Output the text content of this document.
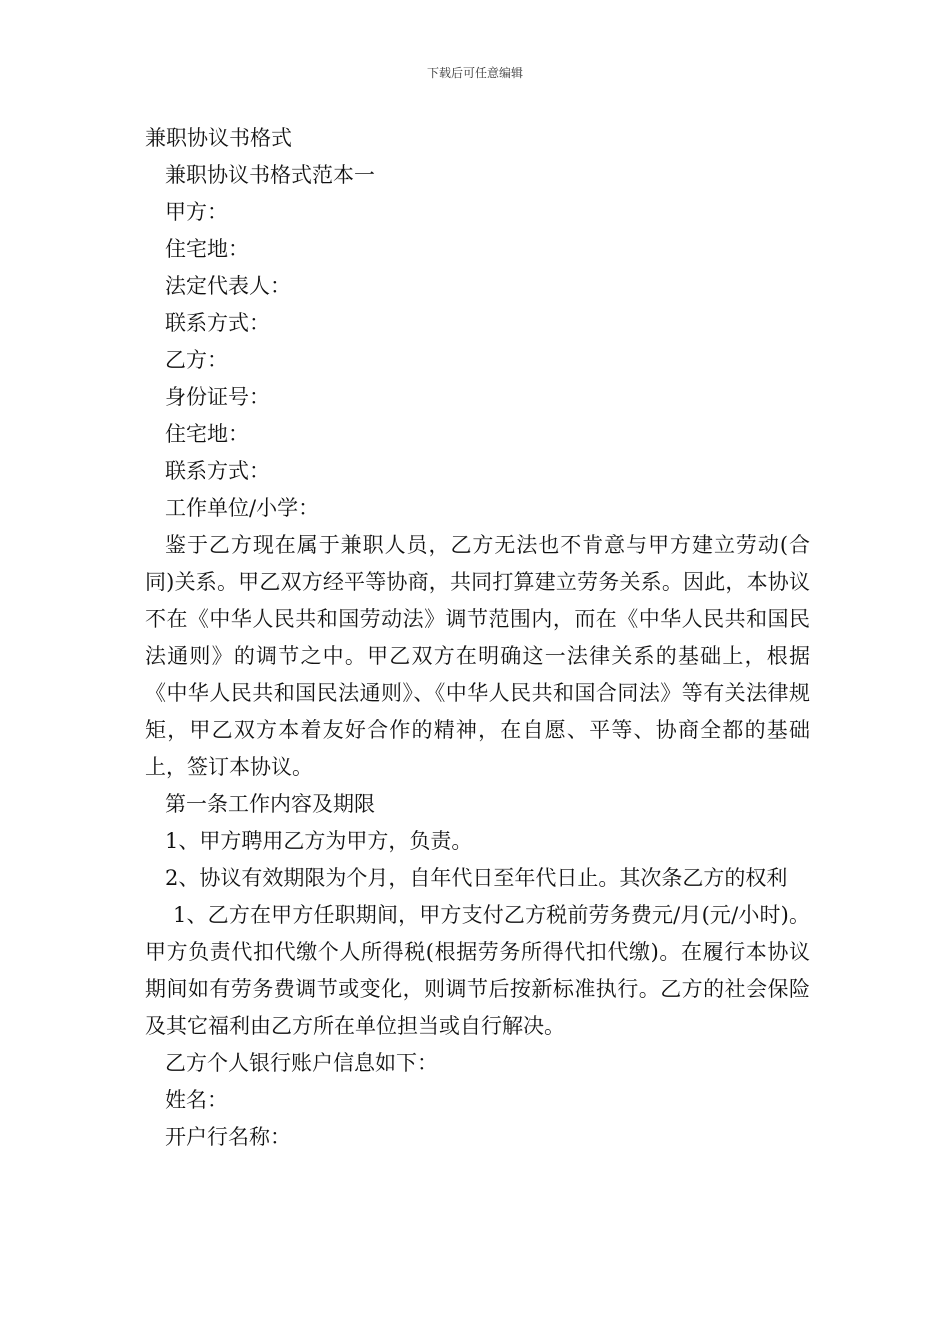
下载后可任意编辑
兼职协议书格式
兼职协议书格式范本一
甲方：
住宅地：
法定代表人：
联系方式：
乙方：
身份证号：
住宅地：
联系方式：
工作单位/小学：
鉴于乙方现在属于兼职人员，乙方无法也不肯意与甲方建立劳动(合同)关系。甲乙双方经平等协商，共同打算建立劳务关系。因此，本协议不在《中华人民共和国劳动法》调节范围内，而在《中华人民共和国民法通则》的调节之中。甲乙双方在明确这一法律关系的基础上，根据《中华人民共和国民法通则》、《中华人民共和国合同法》等有关法律规矩，甲乙双方本着友好合作的精神，在自愿、平等、协商全都的基础上，签订本协议。
第一条工作内容及期限
1、甲方聘用乙方为甲方，负责。
2、协议有效期限为个月，自年代日至年代日止。其次条乙方的权利
1、乙方在甲方任职期间，甲方支付乙方税前劳务费元/月(元/小时)。甲方负责代扣代缴个人所得税(根据劳务所得代扣代缴)。在履行本协议期间如有劳务费调节或变化，则调节后按新标准执行。乙方的社会保险及其它福利由乙方所在单位担当或自行解决。
乙方个人银行账户信息如下：
姓名：
开户行名称：
